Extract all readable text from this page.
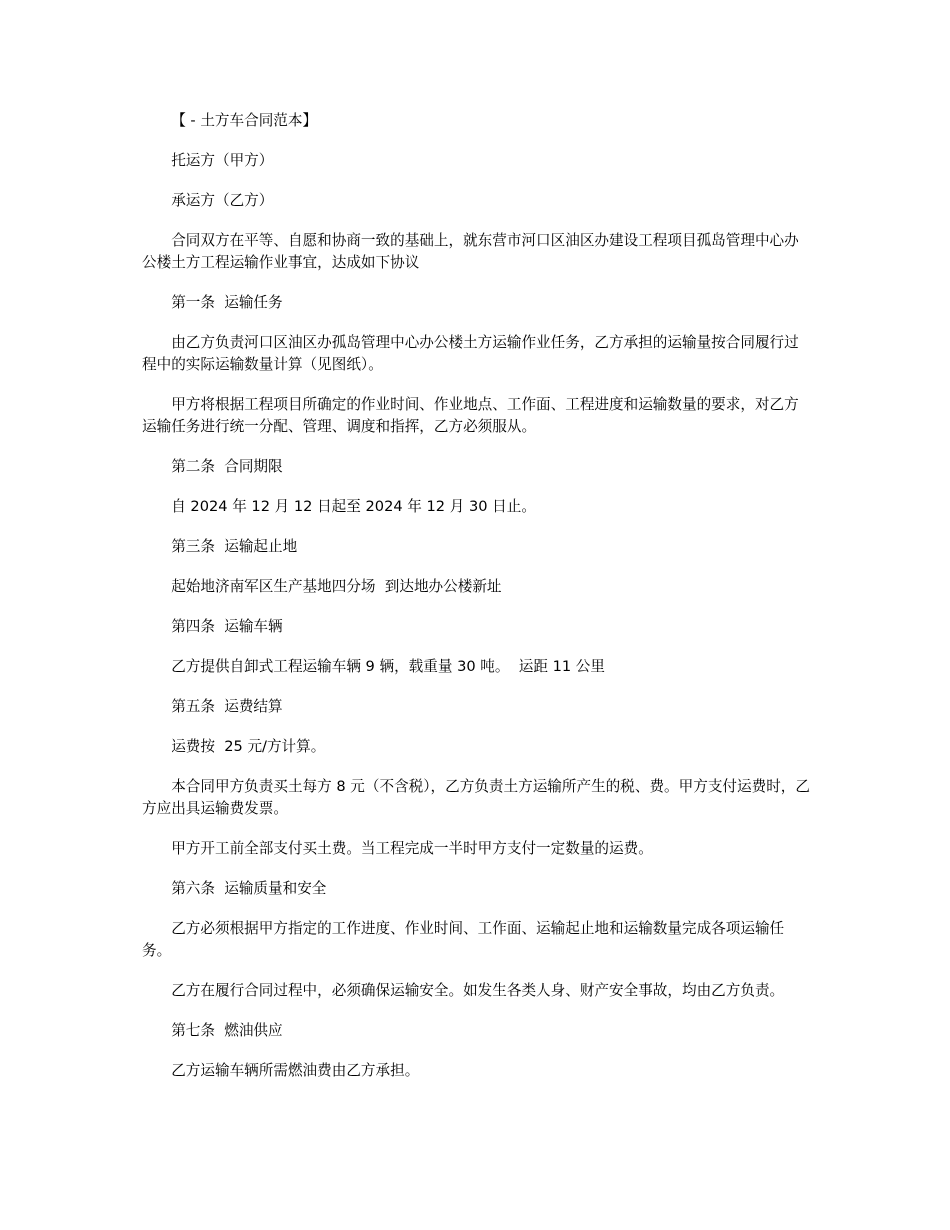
【 - 土方车合同范本】

托运方（甲方）

承运方（乙方）

合同双方在平等、自愿和协商一致的基础上，就东营市河口区油区办建设工程项目孤岛管理中心办公楼土方工程运输作业事宜，达成如下协议

第一条  运输任务

由乙方负责河口区油区办孤岛管理中心办公楼土方运输作业任务，乙方承担的运输量按合同履行过程中的实际运输数量计算（见图纸）。

甲方将根据工程项目所确定的作业时间、作业地点、工作面、工程进度和运输数量的要求，对乙方运输任务进行统一分配、管理、调度和指挥，乙方必须服从。

第二条  合同期限

自 2024 年 12 月 12 日起至 2024 年 12 月 30 日止。

第三条  运输起止地

起始地济南军区生产基地四分场  到达地办公楼新址

第四条  运输车辆

乙方提供自卸式工程运输车辆 9 辆，载重量 30 吨。  运距 11 公里

第五条  运费结算

运费按  25 元/方计算。

本合同甲方负责买土每方 8 元（不含税），乙方负责土方运输所产生的税、费。甲方支付运费时，乙方应出具运输费发票。

甲方开工前全部支付买土费。当工程完成一半时甲方支付一定数量的运费。

第六条  运输质量和安全

乙方必须根据甲方指定的工作进度、作业时间、工作面、运输起止地和运输数量完成各项运输任务。

乙方在履行合同过程中，必须确保运输安全。如发生各类人身、财产安全事故，均由乙方负责。

第七条  燃油供应

乙方运输车辆所需燃油费由乙方承担。
